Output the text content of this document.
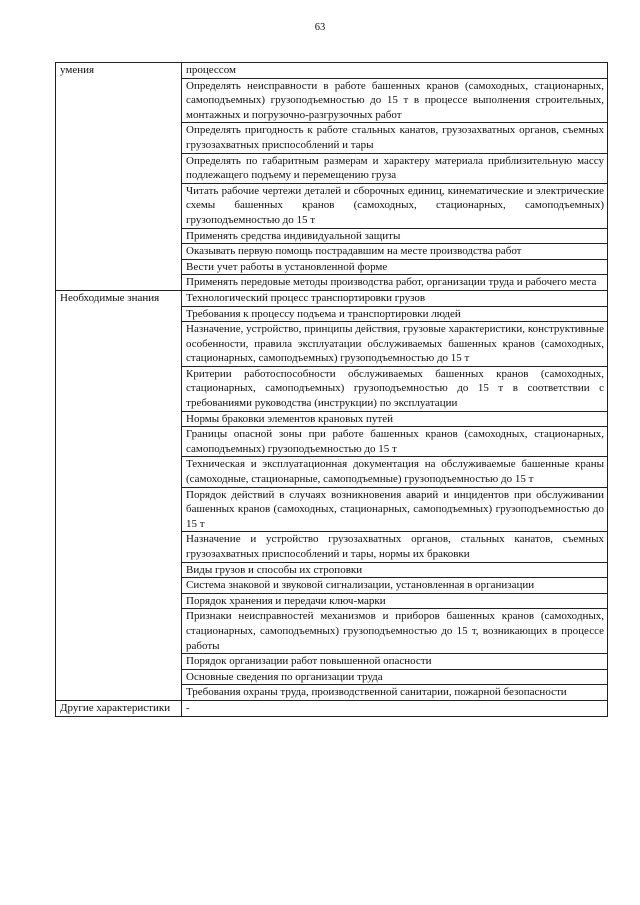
63
умения	процессом
	Определять неисправности в работе башенных кранов (самоходных, стационарных, самоподъемных) грузоподъемностью до 15 т в процессе выполнения строительных, монтажных и погрузочно-разгрузочных работ
	Определять пригодность к работе стальных канатов, грузозахватных органов, съемных грузозахватных приспособлений и тары
	Определять по габаритным размерам и характеру материала приблизительную массу подлежащего подъему и перемещению груза
	Читать рабочие чертежи деталей и сборочных единиц, кинематические и электрические схемы башенных кранов (самоходных, стационарных, самоподъемных) грузоподъемностью до 15 т
	Применять средства индивидуальной защиты
	Оказывать первую помощь пострадавшим на месте производства работ
	Вести учет работы в установленной форме
	Применять передовые методы производства работ, организации труда и рабочего места

Необходимые знания	Технологический процесс транспортировки грузов
	Требования к процессу подъема и транспортировки людей
	Назначение, устройство, принципы действия, грузовые характеристики, конструктивные особенности, правила эксплуатации обслуживаемых башенных кранов (самоходных, стационарных, самоподъемных) грузоподъемностью до 15 т
	Критерии работоспособности обслуживаемых башенных кранов (самоходных, стационарных, самоподъемных) грузоподъемностью до 15 т в соответствии с требованиями руководства (инструкции) по эксплуатации
	Нормы браковки элементов крановых путей
	Границы опасной зоны при работе башенных кранов (самоходных, стационарных, самоподъемных) грузоподъемностью до 15 т
	Техническая и эксплуатационная документация на обслуживаемые башенные краны (самоходные, стационарные, самоподъемные) грузоподъемностью до 15 т
	Порядок действий в случаях возникновения аварий и инцидентов при обслуживании башенных кранов (самоходных, стационарных, самоподъемных) грузоподъемностью до 15 т
	Назначение и устройство грузозахватных органов, стальных канатов, съемных грузозахватных приспособлений и тары, нормы их браковки
	Виды грузов и способы их строповки
	Система знаковой и звуковой сигнализации, установленная в организации
	Порядок хранения и передачи ключ-марки
	Признаки неисправностей механизмов и приборов башенных кранов (самоходных, стационарных, самоподъемных) грузоподъемностью до 15 т, возникающих в процессе работы
	Порядок организации работ повышенной опасности
	Основные сведения по организации труда
	Требования охраны труда, производственной санитарии, пожарной безопасности

Другие характеристики	-
